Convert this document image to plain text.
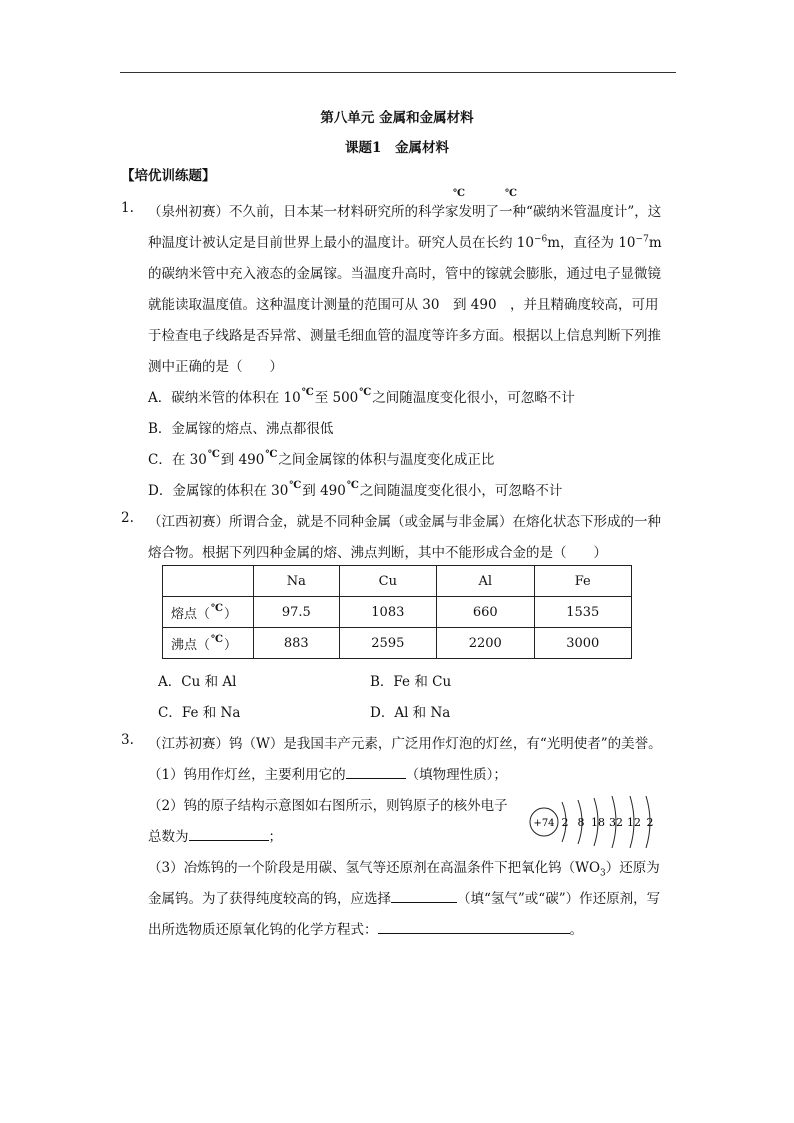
第八单元 金属和金属材料
课题1　金属材料
【培优训练题】
1. （泉州初赛）不久前，日本某一材料研究所的科学家发明了一种“碳纳米管温度计”，这
℃	℃
种温度计被认定是目前世界上最小的温度计。研究人员在长约 $10^{-6}m$，直径为 $10^{-7}m$
的碳纳米管中充入液态的金属镓。当温度升高时，管中的镓就会膨胀，通过电子显微镜
就能读取温度值。这种温度计测量的范围可从 30　到 490　，并且精确度较高，可用
于检查电子线路是否异常、测量毛细血管的温度等许多方面。根据以上信息判断下列推
测中正确的是（　　）
A．碳纳米管的体积在 10℃至 500℃之间随温度变化很小，可忽略不计
B．金属镓的熔点、沸点都很低
C．在 30℃到 490℃之间金属镓的体积与温度变化成正比
D．金属镓的体积在 30℃到 490℃之间随温度变化很小，可忽略不计
2. （江西初赛）所谓合金，就是不同种金属（或金属与非金属）在熔化状态下形成的一种
熔合物。根据下列四种金属的熔、沸点判断，其中不能形成合金的是（　　）
	Na	Cu	Al	Fe
熔点（℃）	97.5	1083	660	1535
沸点（℃）	883	2595	2200	3000
A．Cu 和 Al	B．Fe 和 Cu
C．Fe 和 Na	D．Al 和 Na
3. （江苏初赛）钨（W）是我国丰产元素，广泛用作灯泡的灯丝，有“光明使者”的美誉。
（1）钨用作灯丝，主要利用它的	（填物理性质）；
（2）钨的原子结构示意图如右图所示，则钨原子的核外电子
总数为	；
+74 2 8 18 32 12 2
（3）冶炼钨的一个阶段是用碳、氢气等还原剂在高温条件下把氧化钨$(WO_3)$还原为
金属钨。为了获得纯度较高的钨，应选择	（填“氢气”或“碳”）作还原剂，写
出所选物质还原氧化钨的化学方程式：	。
